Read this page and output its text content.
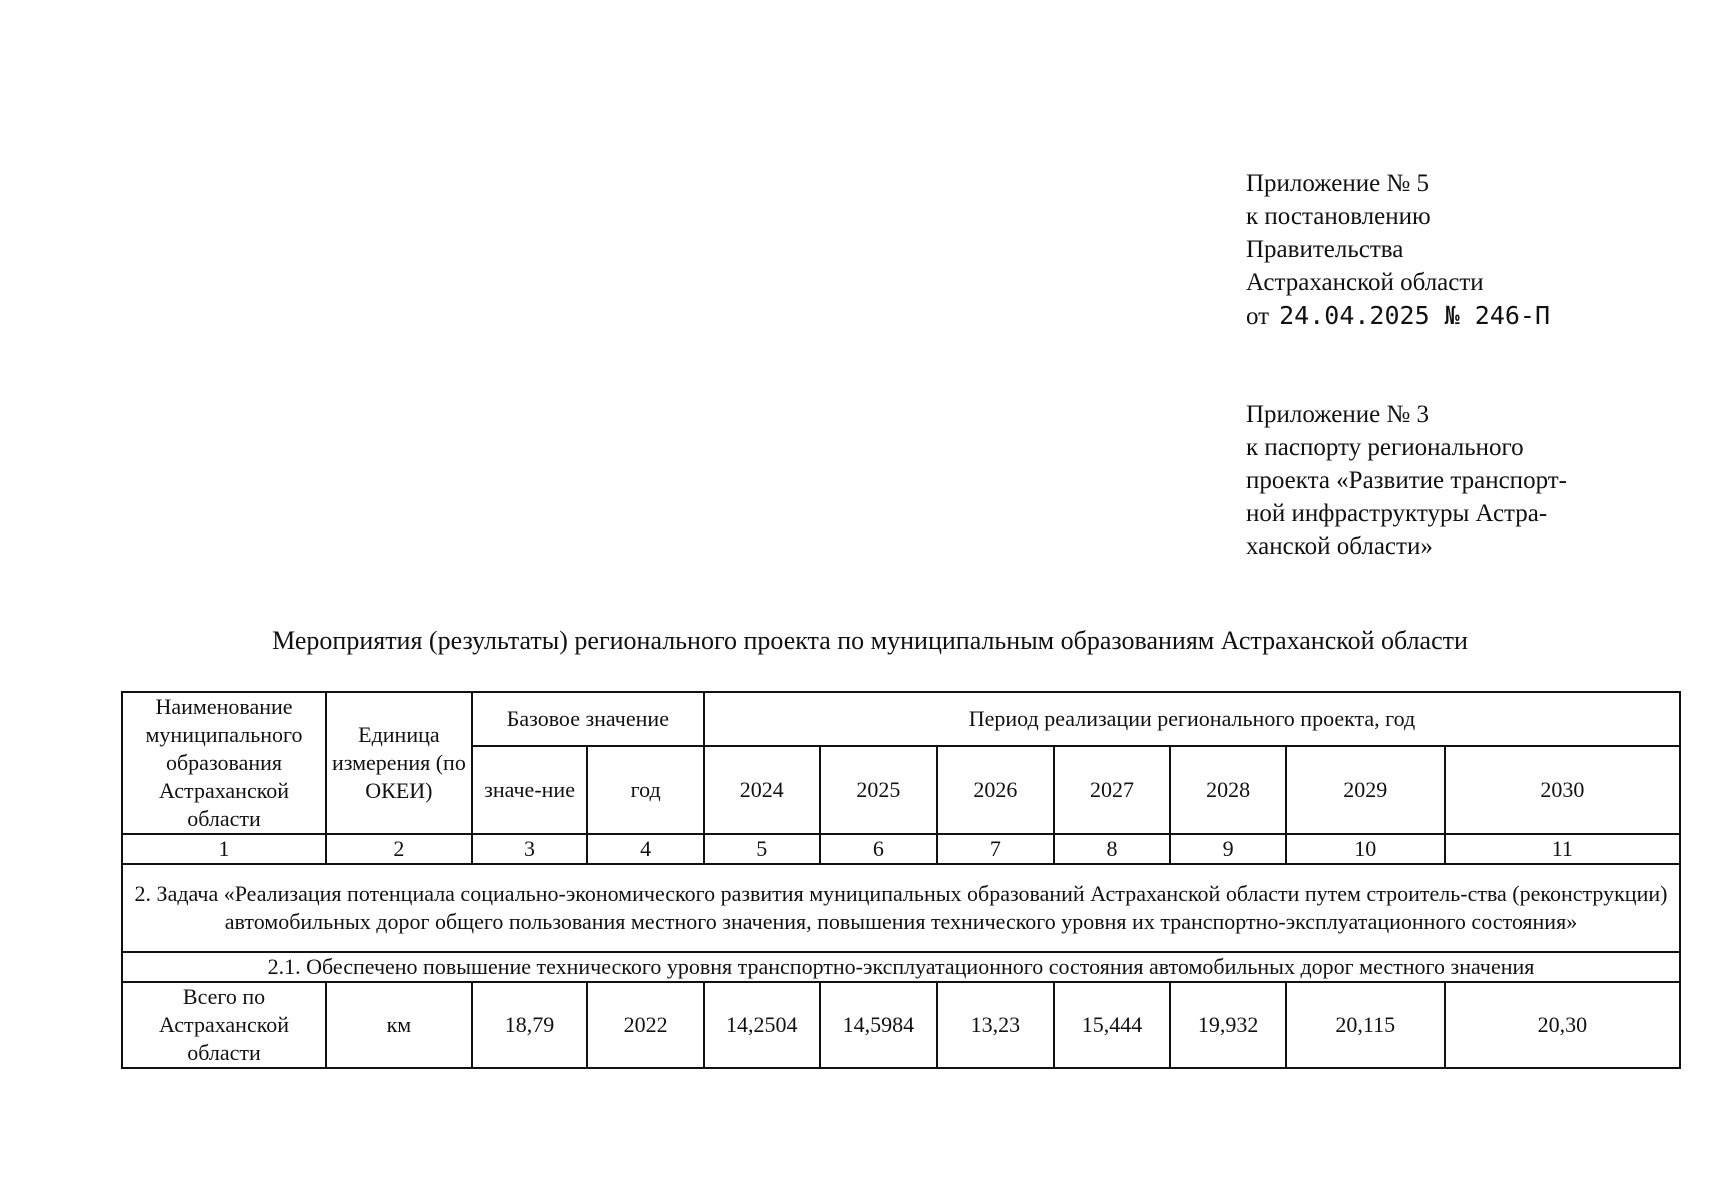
Приложение № 5
к постановлению
Правительства
Астраханской области
от 24.04.2025 № 246-П
Приложение № 3
к паспорту регионального
проекта «Развитие транспорт-
ной инфраструктуры Астра-
ханской области»
Мероприятия (результаты) регионального проекта по муниципальным образованиям Астраханской области
Наименование муниципального образования Астраханской области	Единица измерения (по ОКЕИ)	Базовое значение		Период реализации регионального проекта, год						
		значе-ние	год	2024	2025	2026	2027	2028	2029	2030
1	2	3	4	5	6	7	8	9	10	11
2. Задача «Реализация потенциала социально-экономического развития муниципальных образований Астраханской области путем строитель-ства (реконструкции) автомобильных дорог общего пользования местного значения, повышения технического уровня их транспортно-эксплуатационного состояния»										
2.1. Обеспечено повышение технического уровня транспортно-эксплуатационного состояния автомобильных дорог местного значения										
Всего по Астраханской области	км	18,79	2022	14,2504	14,5984	13,23	15,444	19,932	20,115	20,30
